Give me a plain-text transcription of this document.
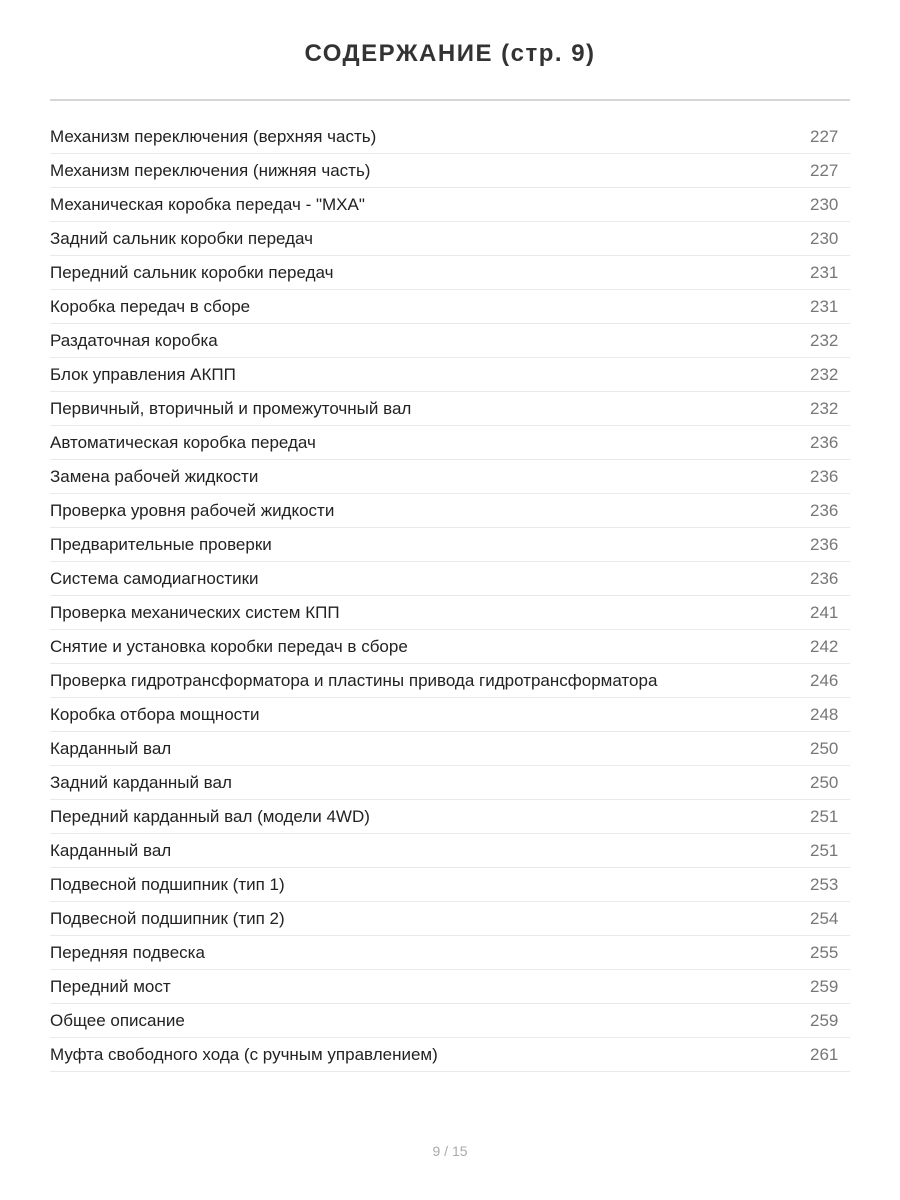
СОДЕРЖАНИЕ (стр. 9)
Механизм переключения (верхняя часть)	227
Механизм переключения (нижняя часть)	227
Механическая коробка передач - "MXA"	230
Задний сальник коробки передач	230
Передний сальник коробки передач	231
Коробка передач в сборе	231
Раздаточная коробка	232
Блок управления АКПП	232
Первичный, вторичный и промежуточный вал	232
Автоматическая коробка передач	236
Замена рабочей жидкости	236
Проверка уровня рабочей жидкости	236
Предварительные проверки	236
Система самодиагностики	236
Проверка механических систем КПП	241
Снятие и установка коробки передач в сборе	242
Проверка гидротрансформатора и пластины привода гидротрансформатора	246
Коробка отбора мощности	248
Карданный вал	250
Задний карданный вал	250
Передний карданный вал (модели 4WD)	251
Карданный вал	251
Подвесной подшипник (тип 1)	253
Подвесной подшипник (тип 2)	254
Передняя подвеска	255
Передний мост	259
Общее описание	259
Муфта свободного хода (с ручным управлением)	261
9 / 15
